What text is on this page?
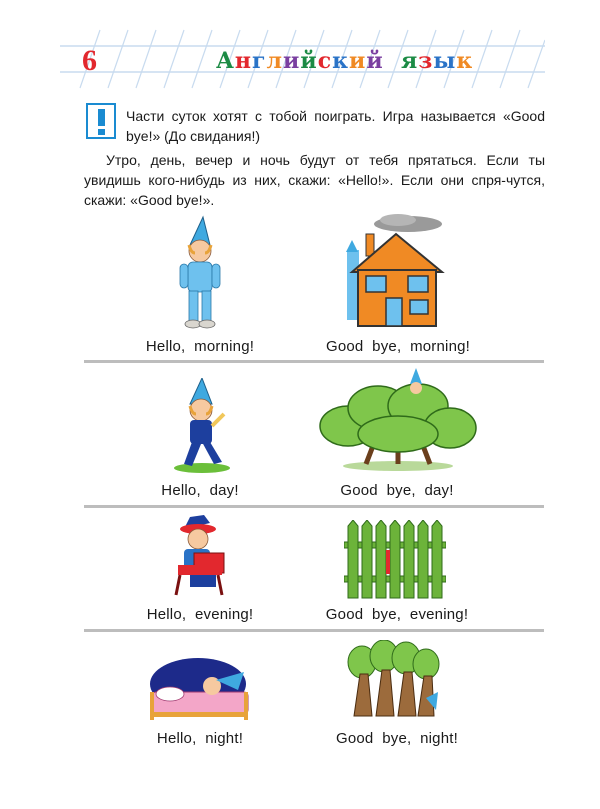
6	Английский язык

Части суток хотят с тобой поиграть. Игра называется «Good bye!» (До свидания!)

Утро, день, вечер и ночь будут от тебя прятаться. Если ты увидишь кого-нибудь из них, скажи: «Hello!». Если они спря-чутся, скажи: «Good bye!».

Hello,  morning!	Good  bye,  morning!
Hello,  day!	Good  bye,  day!
Hello,  evening!	Good  bye,  evening!
Hello,  night!	Good  bye,  night!
